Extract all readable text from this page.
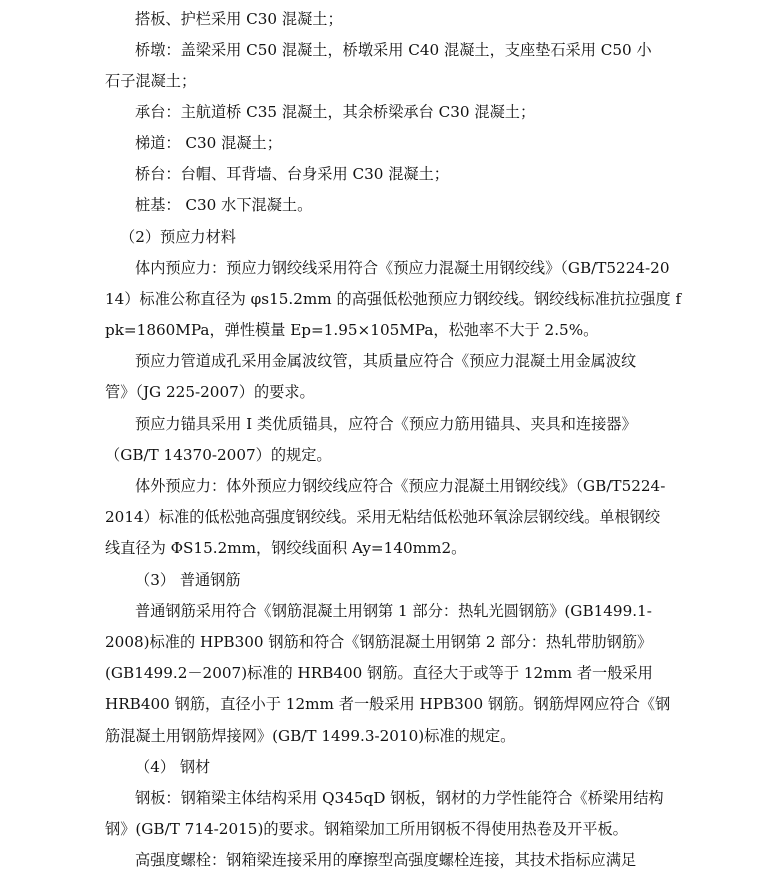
搭板、护栏采用 C30 混凝土；
桥墩：盖梁采用 C50 混凝土，桥墩采用 C40 混凝土，支座垫石采用 C50 小
石子混凝土；
承台：主航道桥 C35 混凝土，其余桥梁承台 C30 混凝土；
梯道： C30 混凝土；
桥台：台帽、耳背墙、台身采用 C30 混凝土；
桩基： C30 水下混凝土。
（2）预应力材料
体内预应力：预应力钢绞线采用符合《预应力混凝土用钢绞线》（GB/T5224-20
14）标准公称直径为 φs15.2mm 的高强低松弛预应力钢绞线。钢绞线标准抗拉强度 f
pk=1860MPa，弹性模量 Ep=1.95×105MPa，松弛率不大于 2.5%。
预应力管道成孔采用金属波纹管，其质量应符合《预应力混凝土用金属波纹
管》（JG 225-2007）的要求。
预应力锚具采用 I 类优质锚具，应符合《预应力筋用锚具、夹具和连接器》
（GB/T 14370-2007）的规定。
体外预应力：体外预应力钢绞线应符合《预应力混凝土用钢绞线》（GB/T5224-
2014）标准的低松弛高强度钢绞线。采用无粘结低松弛环氧涂层钢绞线。单根钢绞
线直径为 ΦS15.2mm，钢绞线面积 Ay=140mm2。
（3） 普通钢筋
普通钢筋采用符合《钢筋混凝土用钢第 1 部分：热轧光圆钢筋》(GB1499.1-
2008)标准的 HPB300 钢筋和符合《钢筋混凝土用钢第 2 部分：热轧带肋钢筋》
(GB1499.2－2007)标准的 HRB400 钢筋。直径大于或等于 12mm 者一般采用
HRB400 钢筋，直径小于 12mm 者一般采用 HPB300 钢筋。钢筋焊网应符合《钢
筋混凝土用钢筋焊接网》(GB/T 1499.3-2010)标准的规定。
（4） 钢材
钢板：钢箱梁主体结构采用 Q345qD 钢板，钢材的力学性能符合《桥梁用结构
钢》(GB/T 714-2015)的要求。钢箱梁加工所用钢板不得使用热卷及开平板。
高强度螺栓：钢箱梁连接采用的摩擦型高强度螺栓连接，其技术指标应满足
